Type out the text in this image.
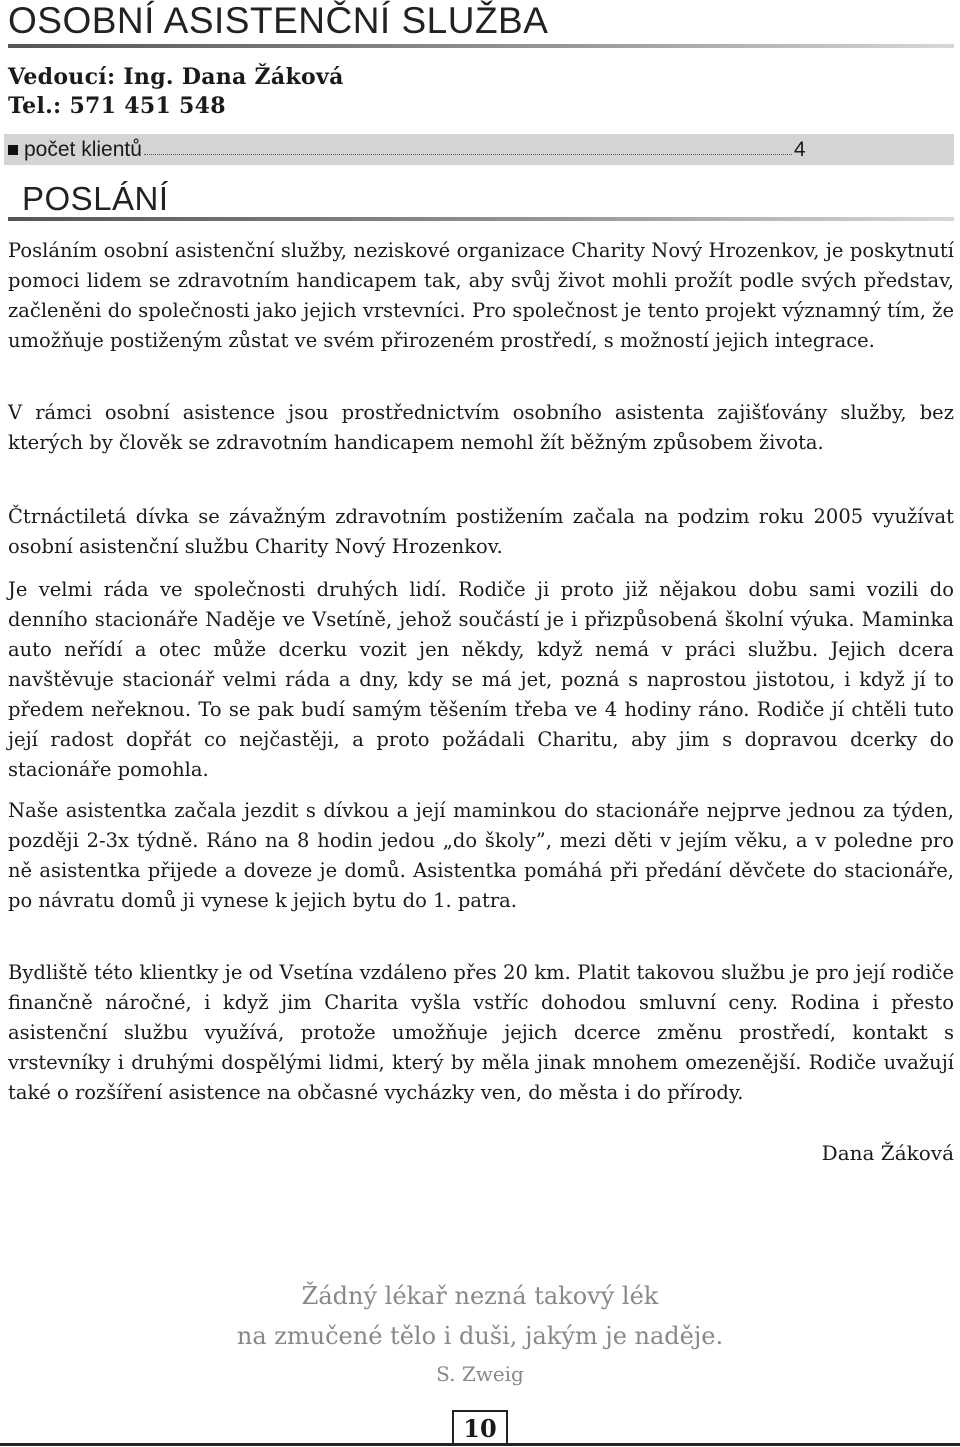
OSOBNÍ ASISTENČNÍ SLUŽBA
Vedoucí: Ing. Dana Žáková
Tel.: 571 451 548
počet klientů	4
POSLÁNÍ

Posláním osobní asistenční služby, neziskové organizace Charity Nový Hrozenkov, je poskytnutí pomoci lidem se zdravotním handicapem tak, aby svůj život mohli prožít podle svých představ, začleněni do společnosti jako jejich vrstevníci. Pro společnost je tento projekt významný tím, že umožňuje postiženým zůstat ve svém přirozeném prostředí, s možností jejich integrace.

V rámci osobní asistence jsou prostřednictvím osobního asistenta zajišťovány služby, bez kterých by člověk se zdravotním handicapem nemohl žít běžným způsobem života.

Čtrnáctiletá dívka se závažným zdravotním postižením začala na podzim roku 2005 využívat osobní asistenční službu Charity Nový Hrozenkov.

Je velmi ráda ve společnosti druhých lidí. Rodiče ji proto již nějakou dobu sami vozili do denního stacionáře Naděje ve Vsetíně, jehož součástí je i přizpůsobená školní výuka. Maminka auto neřídí a otec může dcerku vozit jen někdy, když nemá v práci službu. Jejich dcera navštěvuje stacionář velmi ráda a dny, kdy se má jet, pozná s naprostou jistotou, i když jí to předem neřeknou. To se pak budí samým těšením třeba ve 4 hodiny ráno. Rodiče jí chtěli tuto její radost dopřát co nejčastěji, a proto požádali Charitu, aby jim s dopravou dcerky do stacionáře pomohla.

Naše asistentka začala jezdit s dívkou a její maminkou do stacionáře nejprve jednou za týden, později 2-3x týdně. Ráno na 8 hodin jedou „do školy”, mezi děti v jejím věku, a v poledne pro ně asistentka přijede a doveze je domů. Asistentka pomáhá při předání děvčete do stacionáře, po návratu domů ji vynese k jejich bytu do 1. patra.

Bydliště této klientky je od Vsetína vzdáleno přes 20 km. Platit takovou službu je pro její rodiče finančně náročné, i když jim Charita vyšla vstříc dohodou smluvní ceny. Rodina i přesto asistenční službu využívá, protože umožňuje jejich dcerce změnu prostředí, kontakt s vrstevníky i druhými dospělými lidmi, který by měla jinak mnohem omezenější. Rodiče uvažují také o rozšíření asistence na občasné vycházky ven, do města i do přírody.

Dana Žáková
Žádný lékař nezná takový lék
na zmučené tělo i duši, jakým je naděje.
S. Zweig
10
